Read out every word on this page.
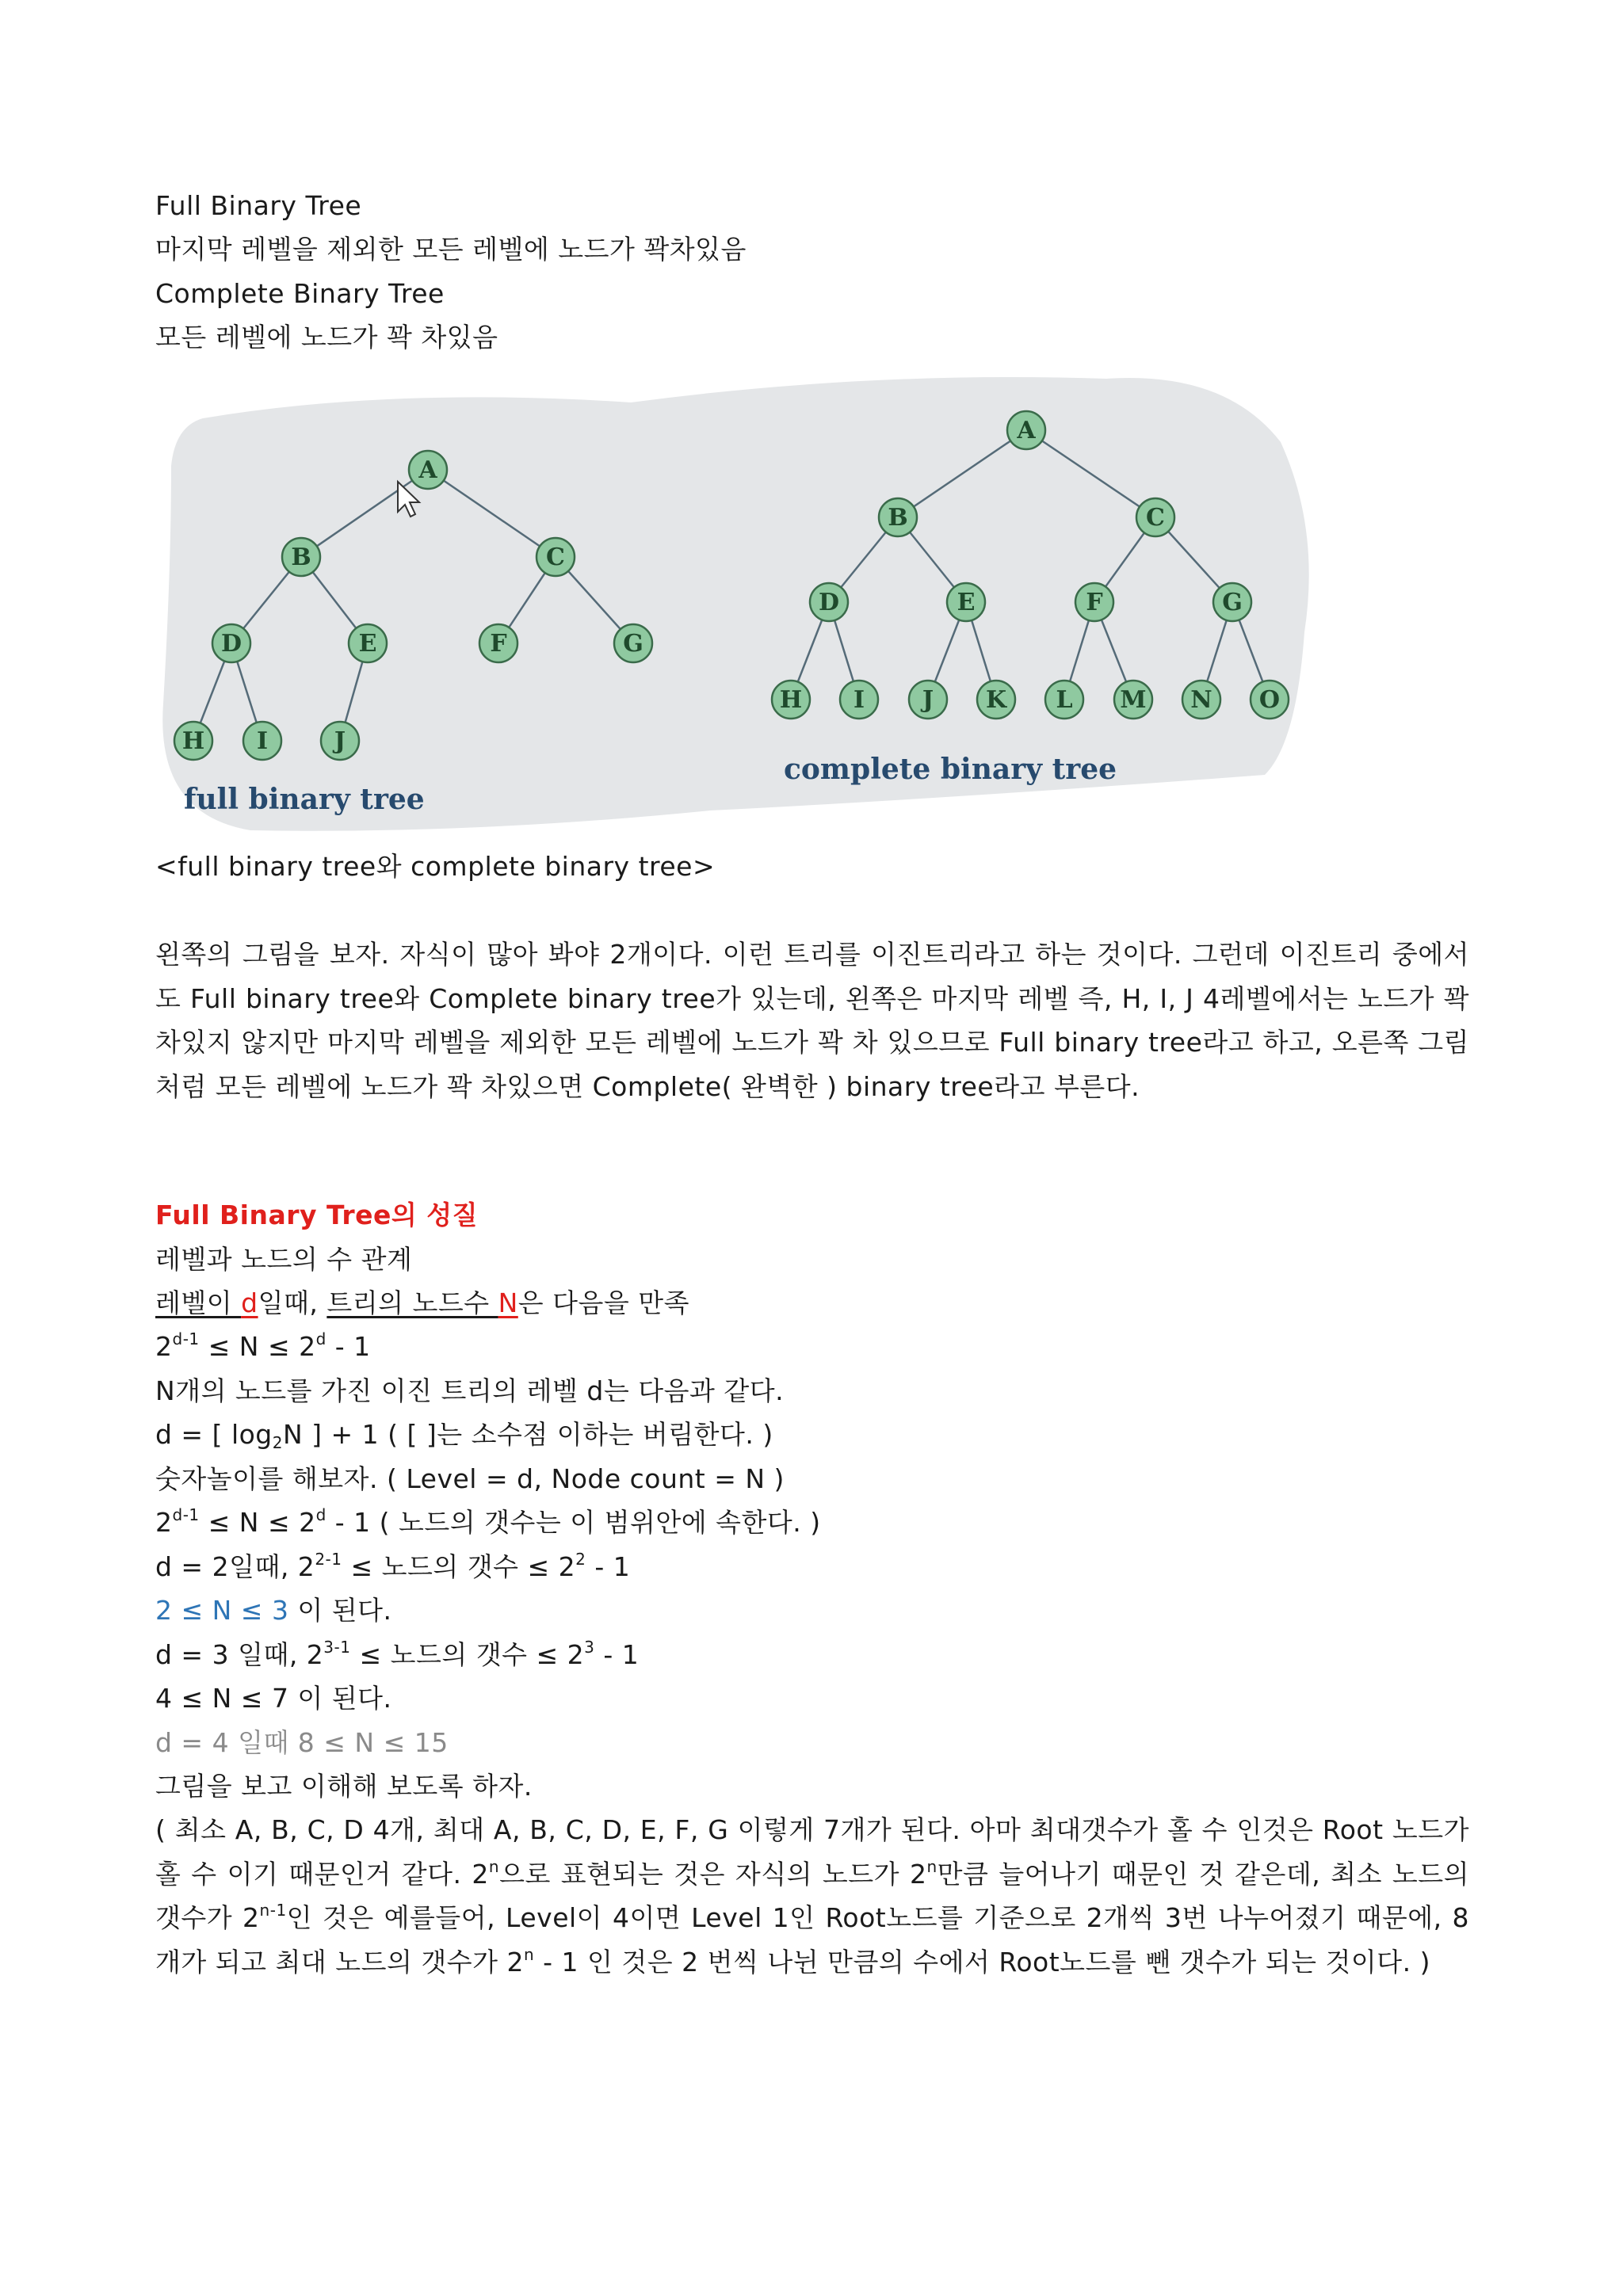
Full Binary Tree
마지막 레벨을 제외한 모든 레벨에 노드가 꽉차있음
Complete Binary Tree
모든 레벨에 노드가 꽉 차있음
A
B	C
D	E	F	G
H I	J
A
B	C
D	E	F	G
H I J K L M N O
full binary tree
complete binary tree
<full binary tree와 complete binary tree>
왼쪽의 그림을 보자. 자식이 많아 봐야 2개이다. 이런 트리를 이진트리라고 하는 것이다. 그런데 이진트리 중에서도 Full binary tree와 Complete binary tree가 있는데, 왼쪽은 마지막 레벨 즉, H, I, J 4레벨에서는 노드가 꽉 차있지 않지만 마지막 레벨을 제외한 모든 레벨에 노드가 꽉 차 있으므로 Full binary tree라고 하고, 오른쪽 그림 처럼 모든 레벨에 노드가 꽉 차있으면 Complete( 완벽한 ) binary tree라고 부른다.
Full Binary Tree의 성질
레벨과 노드의 수 관계
레벨이 d일때, 트리의 노드수 N은 다음을 만족
$2^{d-1} \le N \le 2^d - 1$
N개의 노드를 가진 이진 트리의 레벨 d는 다음과 같다.
d = [ $\log_2N$ ] + 1 ( [ ]는 소수점 이하는 버림한다. )
숫자놀이를 해보자. ( Level = d, Node count = N )
$2^{d-1} \le N \le 2^d - 1$ ( 노드의 갯수는 이 범위안에 속한다. )
d = 2일때, $2^{2-1}$ ≤ 노드의 갯수 ≤ $2^2 - 1$
2 ≤ N ≤ 3 이 된다.
d = 3 일때, $2^{3-1}$ ≤ 노드의 갯수 ≤ $2^3 - 1$
4 ≤ N ≤ 7 이 된다.
d = 4 일때 8 ≤ N ≤ 15
그림을 보고 이해해 보도록 하자.
( 최소 A, B, C, D 4개, 최대 A, B, C, D, E, F, G 이렇게 7개가 된다. 아마 최대갯수가 홀 수 인것은 Root 노드가 홀 수 이기 때문인거 같다. 2$^n$으로 표현되는 것은 자식의 노드가 2$^n$만큼 늘어나기 때문인 것 같은데, 최소 노드의 갯수가 2$^{n-1}$인 것은 예를들어, Level이 4이면 Level 1인 Root노드를 기준으로 2개씩 3번 나누어졌기 때문에, 8개가 되고 최대 노드의 갯수가 2$^n$ - 1 인 것은 2 번씩 나뉜 만큼의 수에서 Root노드를 뺀 갯수가 되는 것이다. )
